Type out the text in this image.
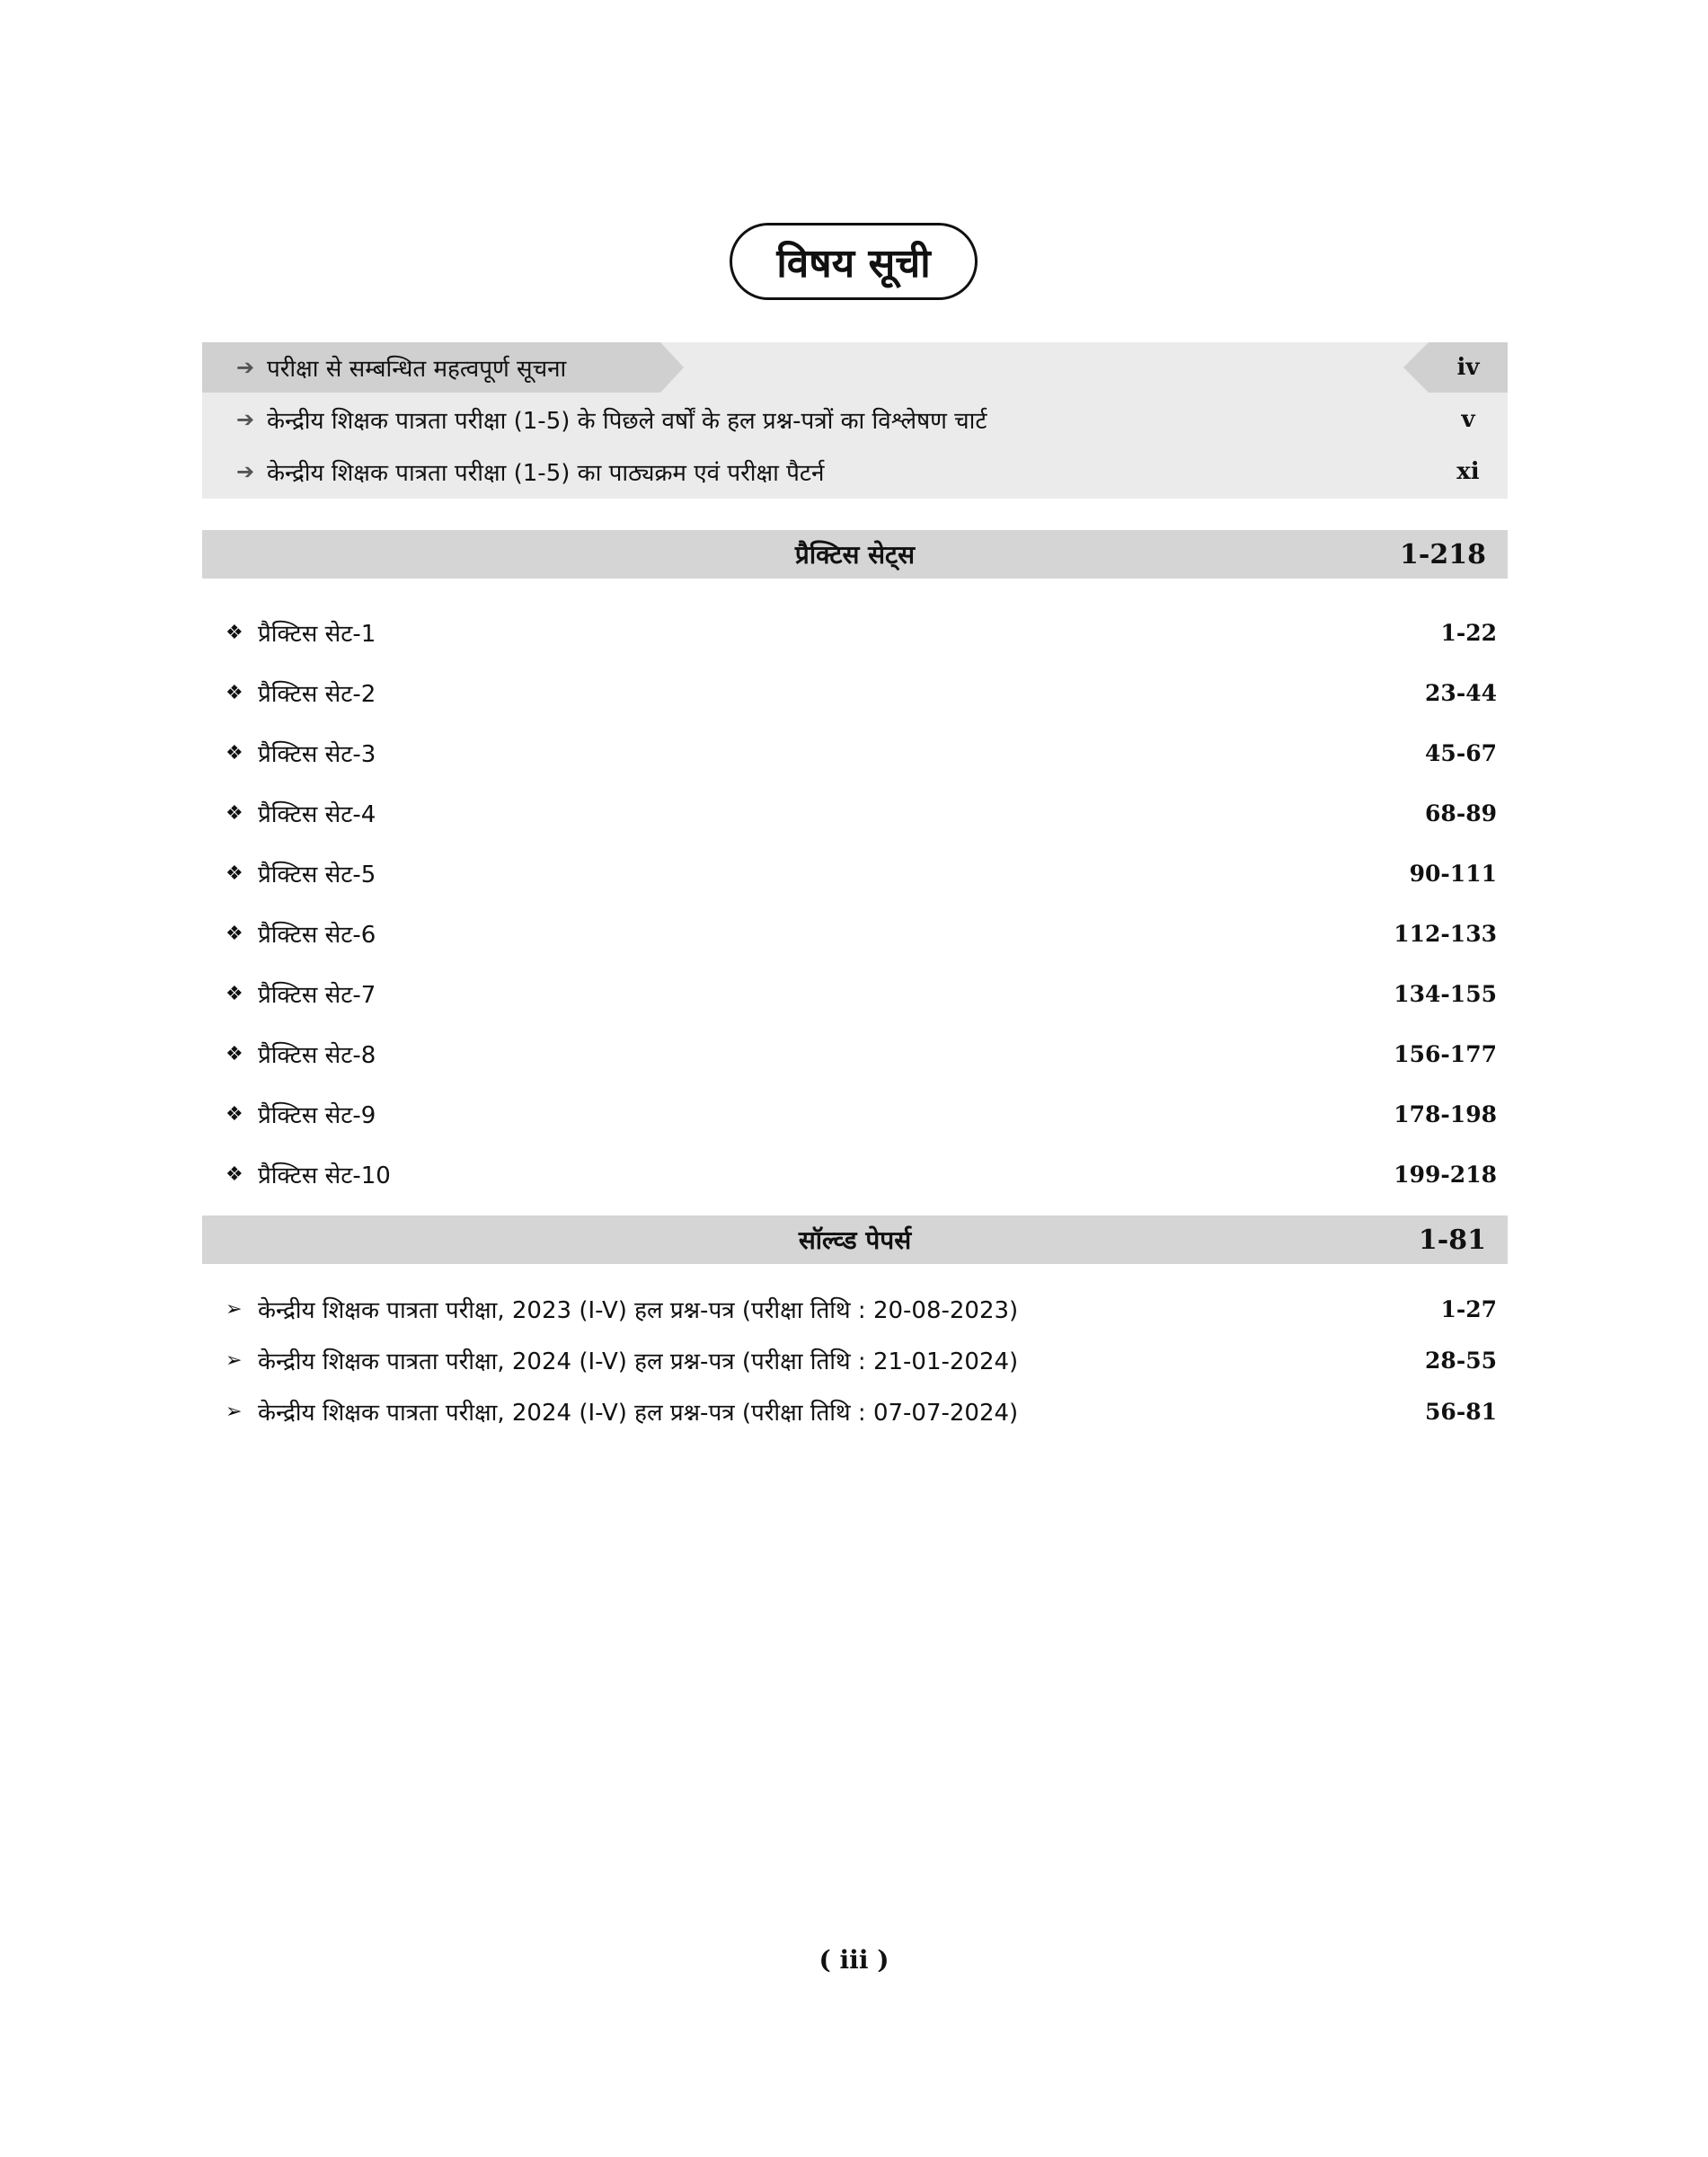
विषय सूची
➔ परीक्षा से सम्बन्धित महत्वपूर्ण सूचना	iv
➔ केन्द्रीय शिक्षक पात्रता परीक्षा (1-5) के पिछले वर्षों के हल प्रश्न-पत्रों का विश्लेषण चार्ट	v
➔ केन्द्रीय शिक्षक पात्रता परीक्षा (1-5) का पाठ्यक्रम एवं परीक्षा पैटर्न	xi
प्रैक्टिस सेट्स	1-218
❖ प्रैक्टिस सेट-1	1-22
❖ प्रैक्टिस सेट-2	23-44
❖ प्रैक्टिस सेट-3	45-67
❖ प्रैक्टिस सेट-4	68-89
❖ प्रैक्टिस सेट-5	90-111
❖ प्रैक्टिस सेट-6	112-133
❖ प्रैक्टिस सेट-7	134-155
❖ प्रैक्टिस सेट-8	156-177
❖ प्रैक्टिस सेट-9	178-198
❖ प्रैक्टिस सेट-10	199-218
सॉल्व्ड पेपर्स	1-81
➢ केन्द्रीय शिक्षक पात्रता परीक्षा, 2023 (I-V) हल प्रश्न-पत्र (परीक्षा तिथि : 20-08-2023)	1-27
➢ केन्द्रीय शिक्षक पात्रता परीक्षा, 2024 (I-V) हल प्रश्न-पत्र (परीक्षा तिथि : 21-01-2024)	28-55
➢ केन्द्रीय शिक्षक पात्रता परीक्षा, 2024 (I-V) हल प्रश्न-पत्र (परीक्षा तिथि : 07-07-2024)	56-81
( iii )
